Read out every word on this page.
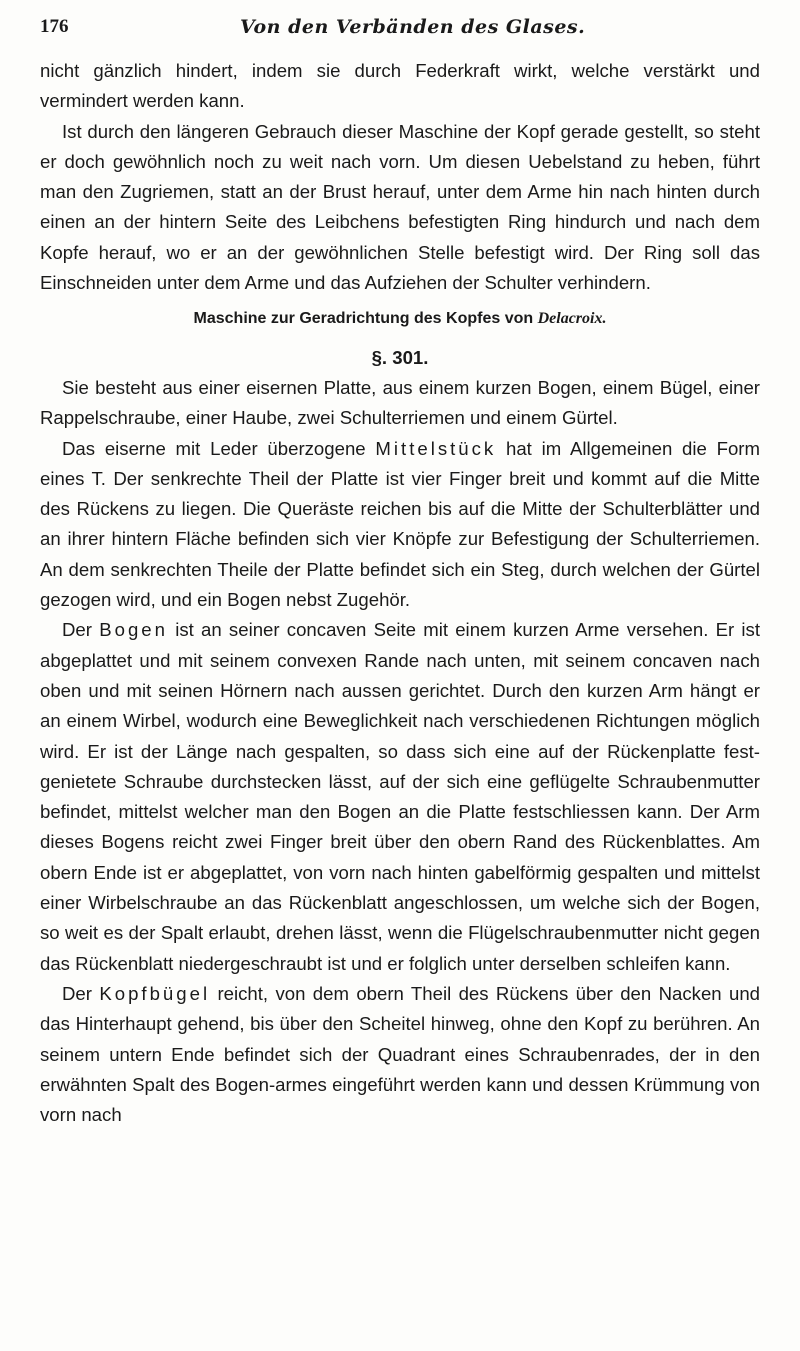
176	Von den Verbänden des Glases.

nicht gänzlich hindert, indem sie durch Federkraft wirkt, welche verstärkt und vermindert werden kann.

Ist durch den längeren Gebrauch dieser Maschine der Kopf gerade gestellt, so steht er doch gewöhnlich noch zu weit nach vorn. Um diesen Uebelstand zu heben, führt man den Zugriemen, statt an der Brust herauf, unter dem Arme hin nach hinten durch einen an der hintern Seite des Leibchens befestigten Ring hindurch und nach dem Kopfe herauf, wo er an der gewöhnlichen Stelle befestigt wird. Der Ring soll das Einschneiden unter dem Arme und das Aufziehen der Schulter verhindern.

Maschine zur Geradrichtung des Kopfes von Delacroix.

§. 301.

Sie besteht aus einer eisernen Platte, aus einem kurzen Bogen, einem Bügel, einer Rappelschraube, einer Haube, zwei Schulterriemen und einem Gürtel.

Das eiserne mit Leder überzogene Mittelstück hat im Allgemeinen die Form eines T. Der senkrechte Theil der Platte ist vier Finger breit und kommt auf die Mitte des Rückens zu liegen. Die Queräste reichen bis auf die Mitte der Schulterblätter und an ihrer hintern Fläche befinden sich vier Knöpfe zur Befestigung der Schulterriemen. An dem senkrechten Theile der Platte befindet sich ein Steg, durch welchen der Gürtel gezogen wird, und ein Bogen nebst Zugehör.

Der Bogen ist an seiner concaven Seite mit einem kurzen Arme versehen. Er ist abgeplattet und mit seinem convexen Rande nach unten, mit seinem concaven nach oben und mit seinen Hörnern nach aussen gerichtet. Durch den kurzen Arm hängt er an einem Wirbel, wodurch eine Beweglichkeit nach verschiedenen Richtungen möglich wird. Er ist der Länge nach gespalten, so dass sich eine auf der Rückenplatte fest-genietete Schraube durchstecken lässt, auf der sich eine geflügelte Schraubenmutter befindet, mittelst welcher man den Bogen an die Platte festschliessen kann. Der Arm dieses Bogens reicht zwei Finger breit über den obern Rand des Rückenblattes. Am obern Ende ist er abgeplattet, von vorn nach hinten gabelförmig gespalten und mittelst einer Wirbelschraube an das Rückenblatt angeschlossen, um welche sich der Bogen, so weit es der Spalt erlaubt, drehen lässt, wenn die Flügelschraubenmutter nicht gegen das Rückenblatt niedergeschraubt ist und er folglich unter derselben schleifen kann.

Der Kopfbügel reicht, von dem obern Theil des Rückens über den Nacken und das Hinterhaupt gehend, bis über den Scheitel hinweg, ohne den Kopf zu berühren. An seinem untern Ende befindet sich der Quadrant eines Schraubenrades, der in den erwähnten Spalt des Bogen-armes eingeführt werden kann und dessen Krümmung von vorn nach
